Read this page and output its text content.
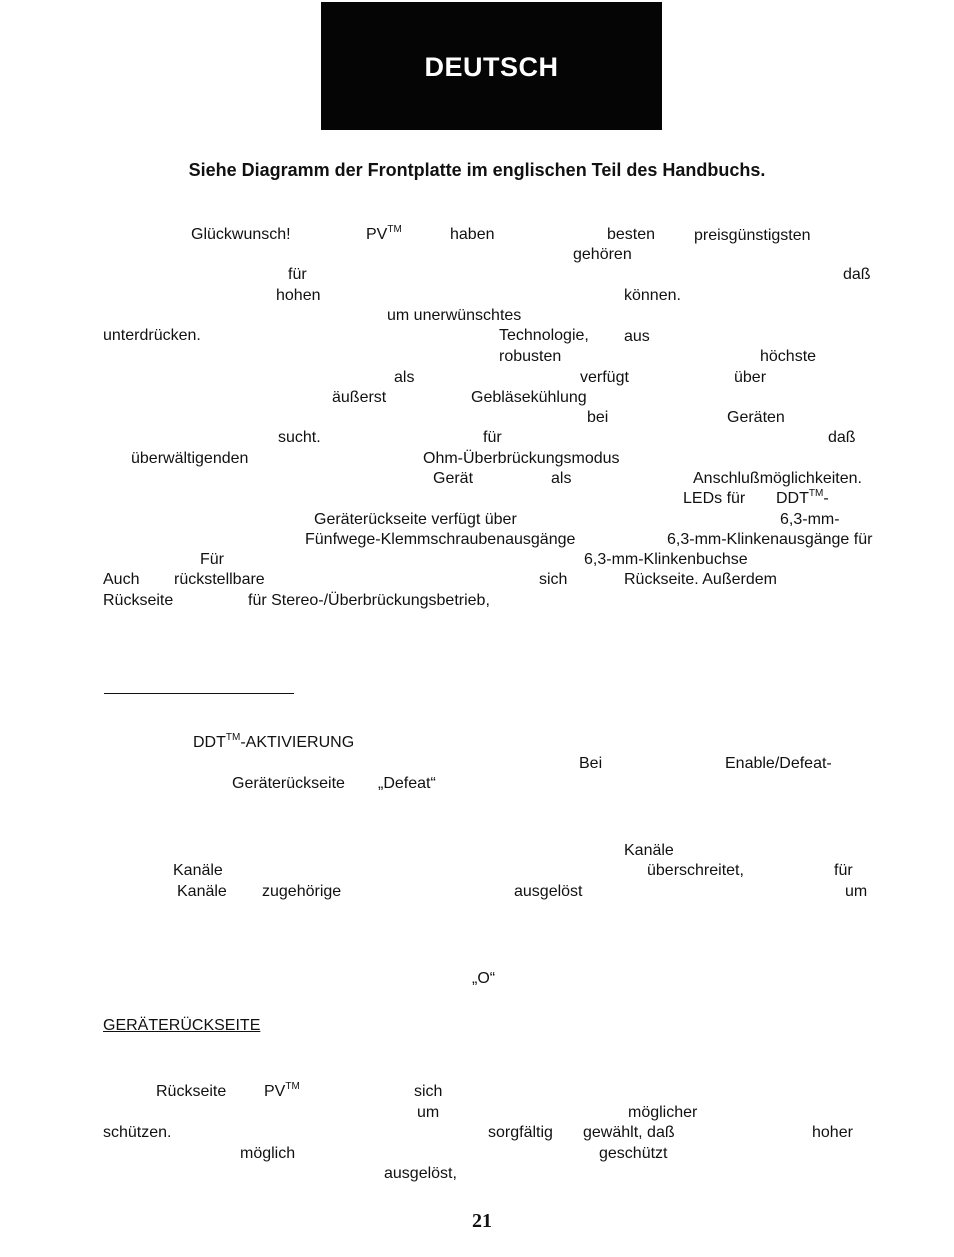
DEUTSCH
Siehe Diagramm der Frontplatte im englischen Teil des Handbuchs.
Glückwunsch!	PV™	haben	besten preisgünstigsten
gehören
für	daß
hohen	können.
um unerwünschtes
unterdrücken.	Technologie, aus
robusten	höchste
als	verfügt	über
äußerst	Gebläsekühlung
bei	Geräten
sucht.	für	daß
überwältigenden	Ohm-Überbrückungsmodus
Gerät	als	Anschlußmöglichkeiten.
LEDs für DDT™-
Geräterückseite verfügt über	6,3-mm-
Fünfwege-Klemmschraubenausgänge	6,3-mm-Klinkenausgänge für
Für	6,3-mm-Klinkenbuchse
Auch rückstellbare	sich	Rückseite. Außerdem
Rückseite	für Stereo-/Überbrückungsbetrieb,
DDT™-AKTIVIERUNG
Bei	Enable/Defeat-
Geräterückseite „Defeat“
Kanäle
Kanäle	überschreitet,	für
Kanäle zugehörige	ausgelöst	um
„O“
GERÄTERÜCKSEITE
Rückseite PV™	sich
um	möglicher
schützen.	sorgfältig gewählt, daß	hoher
möglich	geschützt
ausgelöst,
21
